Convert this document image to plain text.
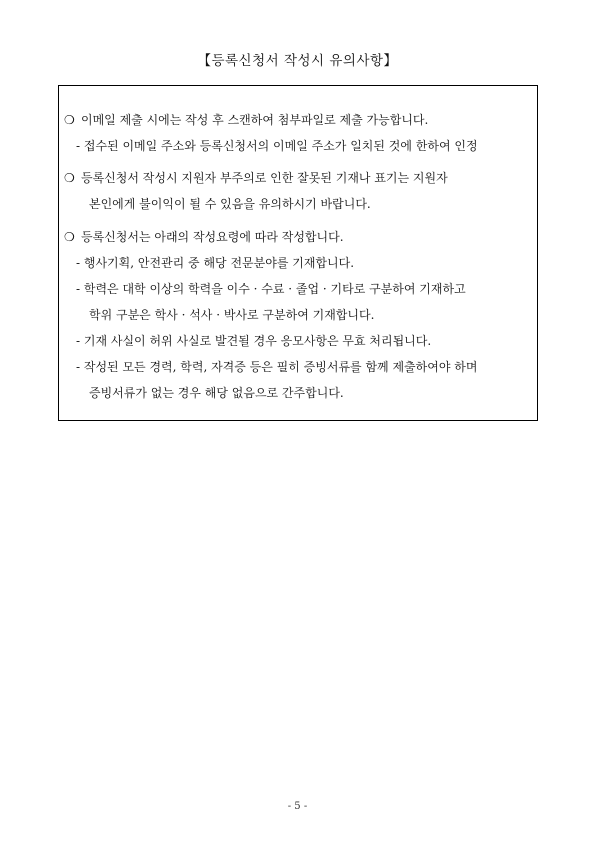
【등록신청서 작성시 유의사항】
❍ 이메일 제출 시에는 작성 후 스캔하여 첨부파일로 제출 가능합니다.
- 접수된 이메일 주소와 등록신청서의 이메일 주소가 일치된 것에 한하여 인정
❍ 등록신청서 작성시 지원자 부주의로 인한 잘못된 기재나 표기는 지원자
본인에게 불이익이 될 수 있음을 유의하시기 바랍니다.
❍ 등록신청서는 아래의 작성요령에 따라 작성합니다.
- 행사기획, 안전관리 중 해당 전문분야를 기재합니다.
- 학력은 대학 이상의 학력을 이수 · 수료 · 졸업 · 기타로 구분하여 기재하고
학위 구분은 학사 · 석사 · 박사로 구분하여 기재합니다.
- 기재 사실이 허위 사실로 발견될 경우 응모사항은 무효 처리됩니다.
- 작성된 모든 경력, 학력, 자격증 등은 필히 증빙서류를 함께 제출하여야 하며
증빙서류가 없는 경우 해당 없음으로 간주합니다.
- 5 -
